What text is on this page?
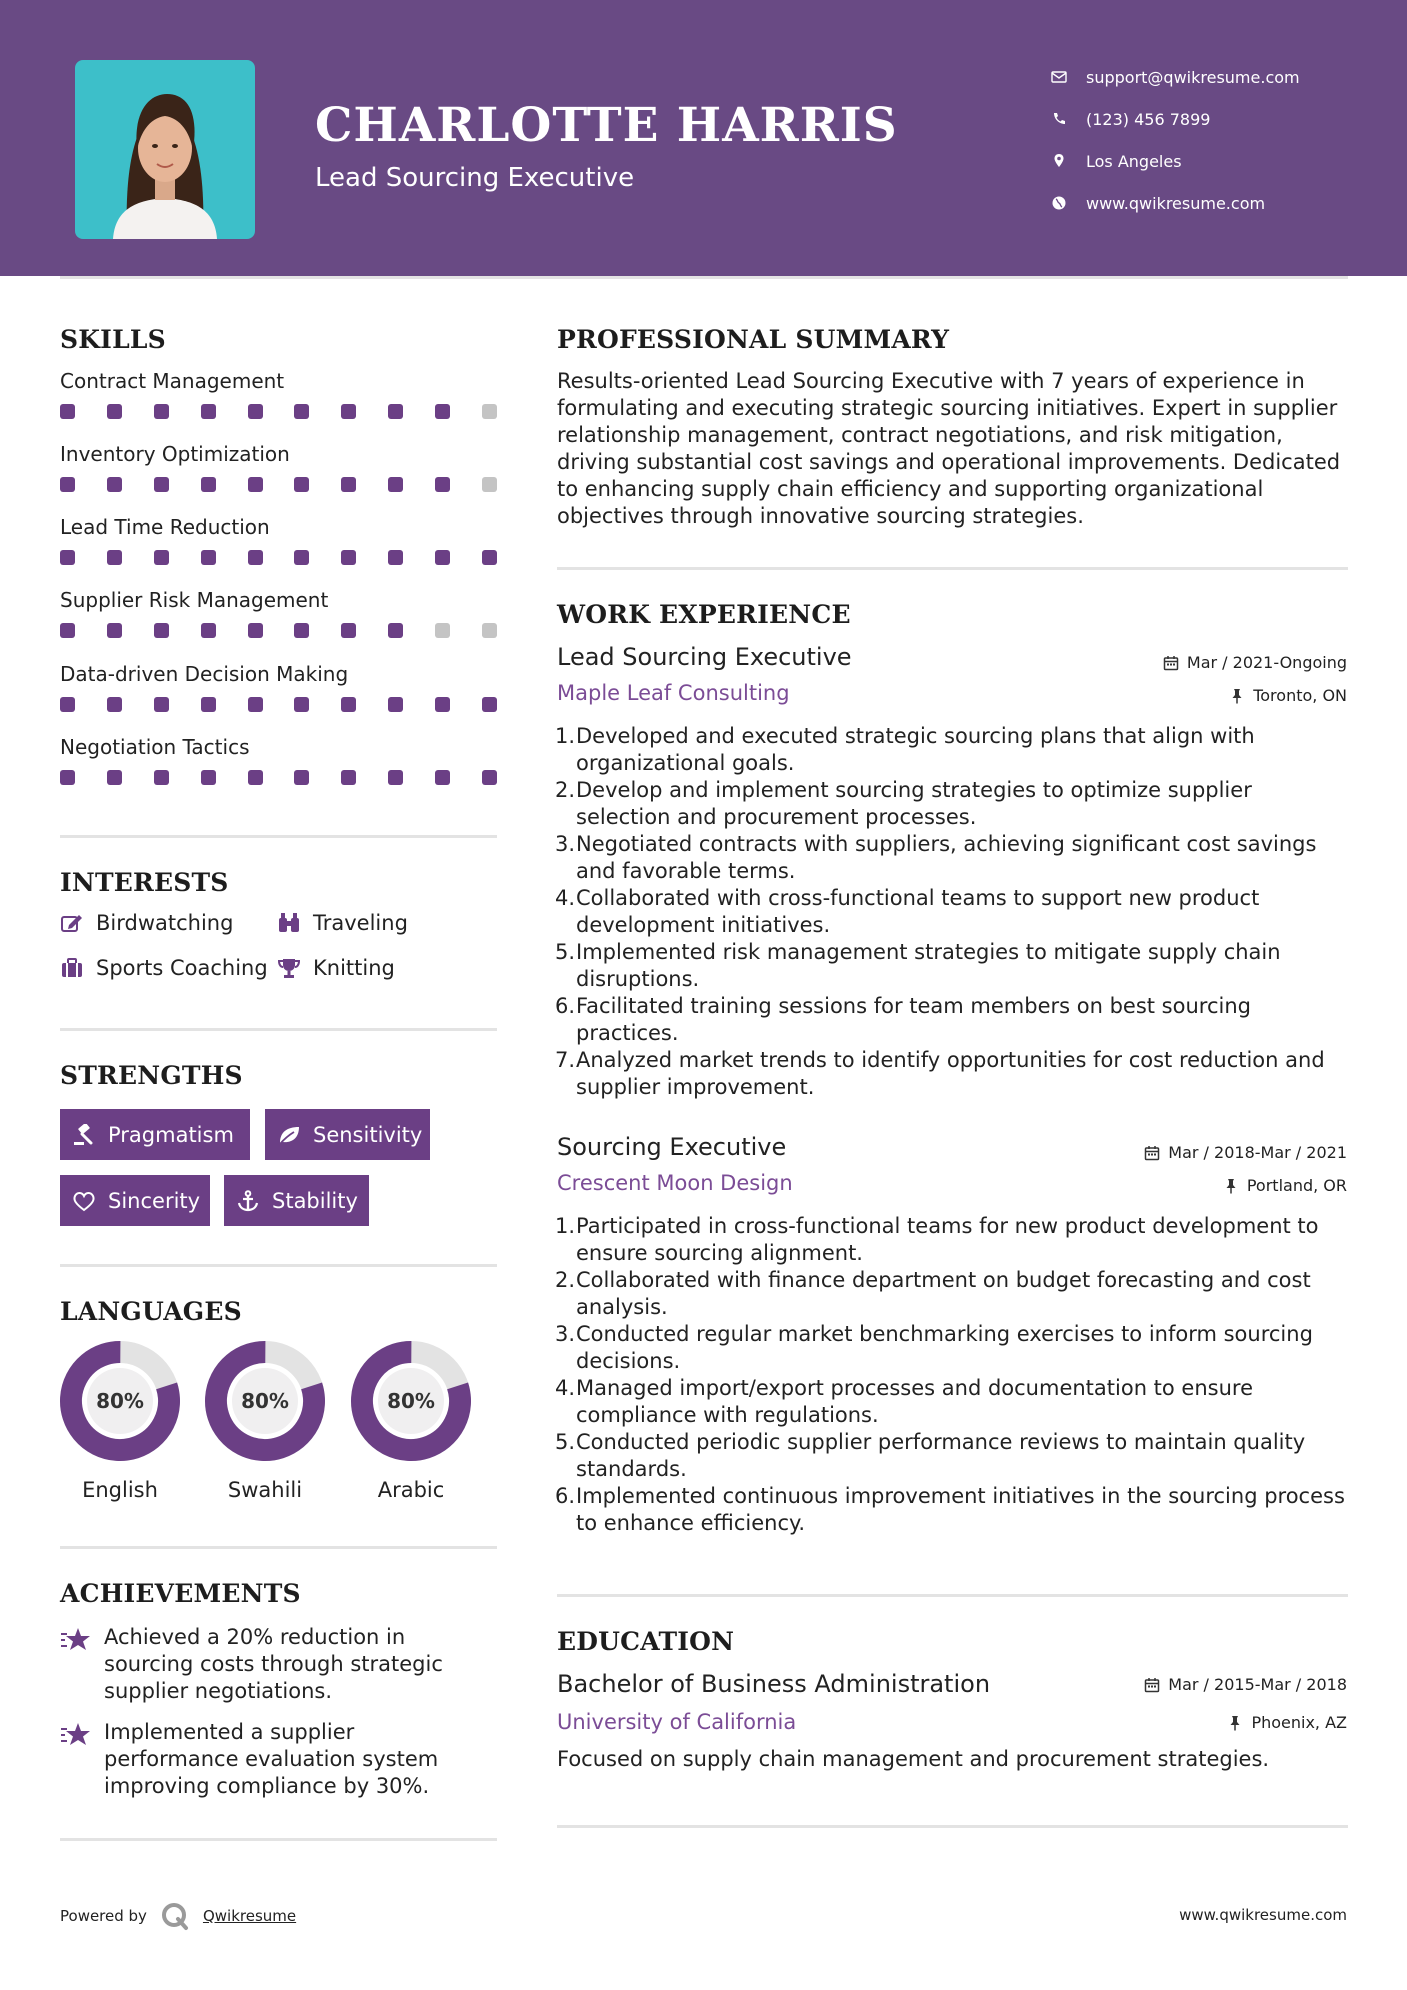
CHARLOTTE HARRIS
Lead Sourcing Executive
support@qwikresume.com
(123) 456 7899
Los Angeles
www.qwikresume.com
SKILLS
Contract Management
Inventory Optimization
Lead Time Reduction
Supplier Risk Management
Data-driven Decision Making
Negotiation Tactics
INTERESTS
Birdwatching	Traveling
Sports Coaching Knitting
STRENGTHS
Pragmatism	Sensitivity
Sincerity	Stability
LANGUAGES
80%
English
80%
Swahili
80%
Arabic
ACHIEVEMENTS
Achieved a 20% reduction in sourcing costs through strategic supplier negotiations.
Implemented a supplier performance evaluation system improving compliance by 30%.
PROFESSIONAL SUMMARY
Results-oriented Lead Sourcing Executive with 7 years of experience in formulating and executing strategic sourcing initiatives. Expert in supplier relationship management, contract negotiations, and risk mitigation, driving substantial cost savings and operational improvements. Dedicated to enhancing supply chain efficiency and supporting organizational objectives through innovative sourcing strategies.
WORK EXPERIENCE
Lead Sourcing Executive	Mar / 2021-Ongoing
Maple Leaf Consulting	Toronto, ON
1. Developed and executed strategic sourcing plans that align with organizational goals.
2. Develop and implement sourcing strategies to optimize supplier selection and procurement processes.
3. Negotiated contracts with suppliers, achieving significant cost savings and favorable terms.
4. Collaborated with cross-functional teams to support new product development initiatives.
5. Implemented risk management strategies to mitigate supply chain disruptions.
6. Facilitated training sessions for team members on best sourcing practices.
7. Analyzed market trends to identify opportunities for cost reduction and supplier improvement.
Sourcing Executive	Mar / 2018-Mar / 2021
Crescent Moon Design	Portland, OR
1. Participated in cross-functional teams for new product development to ensure sourcing alignment.
2. Collaborated with finance department on budget forecasting and cost analysis.
3. Conducted regular market benchmarking exercises to inform sourcing decisions.
4. Managed import/export processes and documentation to ensure compliance with regulations.
5. Conducted periodic supplier performance reviews to maintain quality standards.
6. Implemented continuous improvement initiatives in the sourcing process to enhance efficiency.
EDUCATION
Bachelor of Business Administration	Mar / 2015-Mar / 2018
University of California	Phoenix, AZ
Focused on supply chain management and procurement strategies.
Powered by	Qwikresume	www.qwikresume.com
